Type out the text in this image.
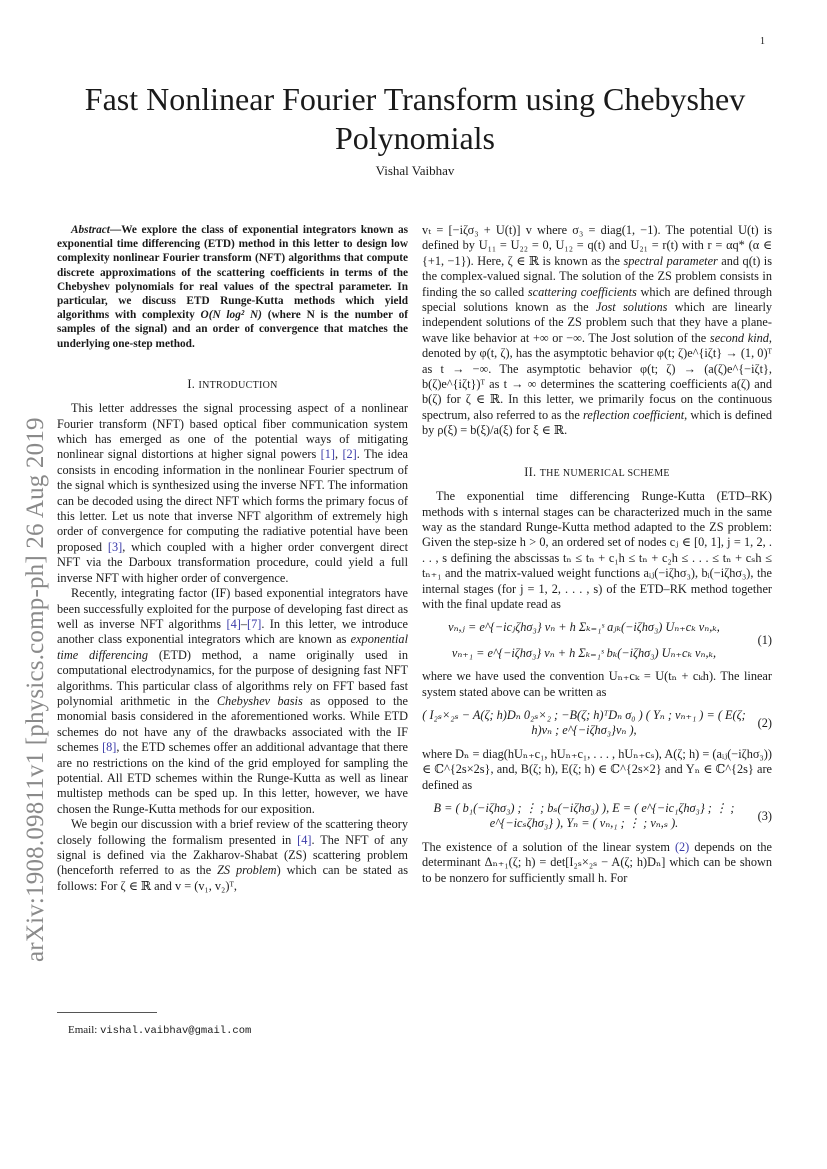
1
arXiv:1908.09811v1 [physics.comp-ph] 26 Aug 2019
Fast Nonlinear Fourier Transform using Chebyshev Polynomials
Vishal Vaibhav

Abstract—We explore the class of exponential integrators known as exponential time differencing (ETD) method in this letter to design low complexity nonlinear Fourier transform (NFT) algorithms that compute discrete approximations of the scattering coefficients in terms of the Chebyshev polynomials for real values of the spectral parameter. In particular, we discuss ETD Runge-Kutta methods which yield algorithms with complexity O(N log² N) (where N is the number of samples of the signal) and an order of convergence that matches the underlying one-step method.

I. INTRODUCTION

This letter addresses the signal processing aspect of a nonlinear Fourier transform (NFT) based optical fiber communication system which has emerged as one of the potential ways of mitigating nonlinear signal distortions at higher signal powers [1], [2]. The idea consists in encoding information in the nonlinear Fourier spectrum of the signal which is synthesized using the inverse NFT. The information can be decoded using the direct NFT which forms the primary focus of this letter. Let us note that inverse NFT algorithm of extremely high order of convergence for computing the radiative potential have been proposed [3], which coupled with a higher order convergent direct NFT via the Darboux transformation procedure, could yield a full inverse NFT with higher order of convergence.

Recently, integrating factor (IF) based exponential integrators have been successfully exploited for the purpose of developing fast direct as well as inverse NFT algorithms [4]–[7]. In this letter, we introduce another class exponential integrators which are known as exponential time differencing (ETD) method, a name originally used in computational electrodynamics, for the purpose of designing fast NFT algorithms. This particular class of algorithms rely on FFT based fast polynomial arithmetic in the Chebyshev basis as opposed to the monomial basis considered in the aforementioned works. While ETD schemes do not have any of the drawbacks associated with the IF schemes [8], the ETD schemes offer an additional advantage that there are no restrictions on the kind of the grid employed for sampling the potential. All ETD schemes within the Runge-Kutta as well as linear multistep methods can be sped up. In this letter, however, we have chosen the Runge-Kutta methods for our exposition.

We begin our discussion with a brief review of the scattering theory closely following the formalism presented in [4]. The NFT of any signal is defined via the Zakharov-Shabat (ZS) scattering problem (henceforth referred to as the ZS problem) which can be stated as follows: For ζ ∈ ℝ and v = (v₁, v₂)ᵀ,

Email: vishal.vaibhav@gmail.com

vₜ = [−iζσ₃ + U(t)] v where σ₃ = diag(1, −1). The potential U(t) is defined by U₁₁ = U₂₂ = 0, U₁₂ = q(t) and U₂₁ = r(t) with r = αq* (α ∈ {+1, −1}). Here, ζ ∈ ℝ is known as the spectral parameter and q(t) is the complex-valued signal. The solution of the ZS problem consists in finding the so called scattering coefficients which are defined through special solutions known as the Jost solutions which are linearly independent solutions of the ZS problem such that they have a plane-wave like behavior at +∞ or −∞. The Jost solution of the second kind, denoted by φ(t, ζ), has the asymptotic behavior φ(t; ζ)e^{iζt} → (1, 0)ᵀ as t → −∞. The asymptotic behavior φ(t; ζ) → (a(ζ)e^{−iζt}, b(ζ)e^{iζt})ᵀ as t → ∞ determines the scattering coefficients a(ζ) and b(ζ) for ζ ∈ ℝ. In this letter, we primarily focus on the continuous spectrum, also referred to as the reflection coefficient, which is defined by ρ(ξ) = b(ξ)/a(ξ) for ξ ∈ ℝ.

II. THE NUMERICAL SCHEME

The exponential time differencing Runge-Kutta (ETD–RK) methods with s internal stages can be characterized much in the same way as the standard Runge-Kutta method adapted to the ZS problem: Given the step-size h > 0, an ordered set of nodes cⱼ ∈ [0, 1], j = 1, 2, . . . , s defining the abscissas tₙ ≤ tₙ + c₁h ≤ tₙ + c₂h ≤ . . . ≤ tₙ + cₛh ≤ tₙ₊₁ and the matrix-valued weight functions aᵢⱼ(−iζhσ₃), bᵢ(−iζhσ₃), the internal stages (for j = 1, 2, . . . , s) of the ETD–RK method together with the final update read as

vₙ,ⱼ = e^{−icⱼζhσ₃} vₙ + h Σₖ₌₁ˢ aⱼₖ(−iζhσ₃) Uₙ₊cₖ vₙ,ₖ,
vₙ₊₁ = e^{−iζhσ₃} vₙ + h Σₖ₌₁ˢ bₖ(−iζhσ₃) Uₙ₊cₖ vₙ,ₖ,
(1)

where we have used the convention Uₙ₊cₖ = U(tₙ + cₖh). The linear system stated above can be written as

( I₂ₛ×₂ₛ − A(ζ; h)Dₙ 0₂ₛ×₂ ; −B(ζ; h)ᵀDₙ σ₀ ) ( Υₙ ; vₙ₊₁ ) = ( E(ζ; h)vₙ ; e^{−iζhσ₃}vₙ ),
(2)

where Dₙ = diag(hUₙ₊c₁, hUₙ₊c₁, . . . , hUₙ₊cₛ), A(ζ; h) = (aᵢⱼ(−iζhσ₃)) ∈ ℂ^{2s×2s}, and, B(ζ; h), E(ζ; h) ∈ ℂ^{2s×2} and Υₙ ∈ ℂ^{2s} are defined as

B = ( b₁(−iζhσ₃) ; ⋮ ; bₛ(−iζhσ₃) ), E = ( e^{−ic₁ζhσ₃} ; ⋮ ; e^{−icₛζhσ₃} ), Υₙ = ( vₙ,₁ ; ⋮ ; vₙ,ₛ ).
(3)

The existence of a solution of the linear system (2) depends on the determinant Δₙ₊₁(ζ; h) = det[I₂ₛ×₂ₛ − A(ζ; h)Dₙ] which can be shown to be nonzero for sufficiently small h. For
